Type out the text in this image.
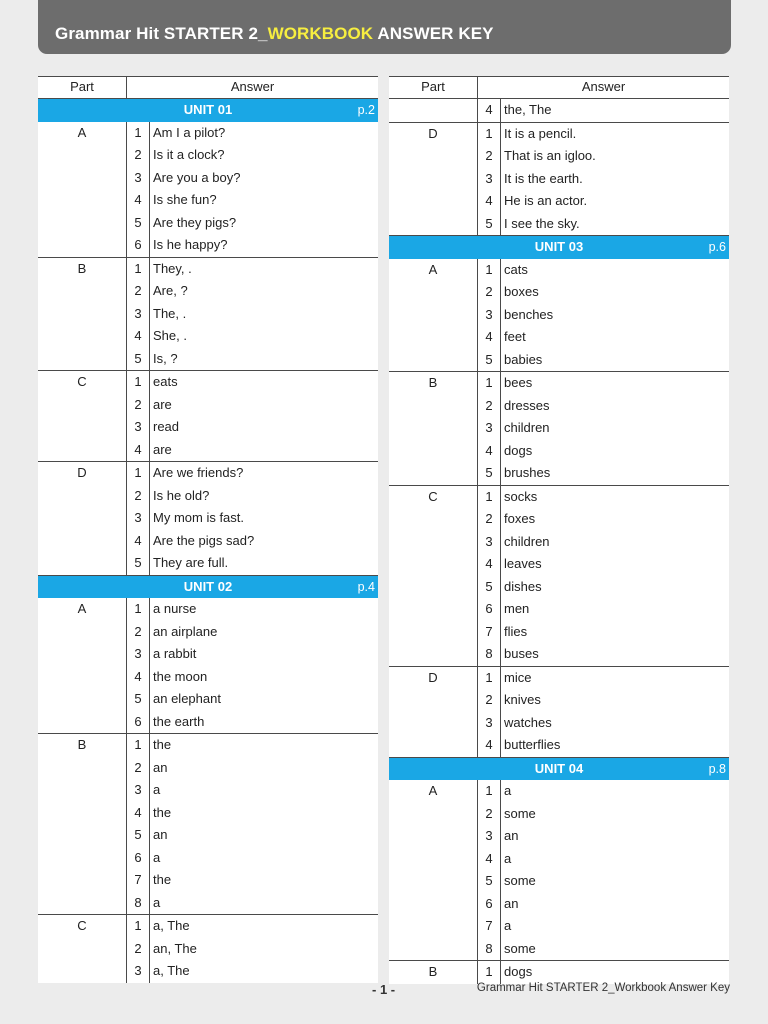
Grammar Hit STARTER 2_WORKBOOK ANSWER KEY
Part	Answer
UNIT 01	p.2
A	1 Am I a pilot?
2 Is it a clock?
3 Are you a boy?
4 Is she fun?
5 Are they pigs?
6 Is he happy?
B	1 They, .
2 Are, ?
3 The, .
4 She, .
5 Is, ?
C	1 eats
2 are
3 read
4 are
D	1 Are we friends?
2 Is he old?
3 My mom is fast.
4 Are the pigs sad?
5 They are full.
UNIT 02	p.4
A	1 a nurse
2 an airplane
3 a rabbit
4 the moon
5 an elephant
6 the earth
B	1 the
2 an
3 a
4 the
5 an
6 a
7 the
8 a
C	1 a, The
2 an, The
3 a, The
Part	Answer
4 the, The
D	1 It is a pencil.
2 That is an igloo.
3 It is the earth.
4 He is an actor.
5 I see the sky.
UNIT 03	p.6
A	1 cats
2 boxes
3 benches
4 feet
5 babies
B	1 bees
2 dresses
3 children
4 dogs
5 brushes
C	1 socks
2 foxes
3 children
4 leaves
5 dishes
6 men
7 flies
8 buses
D	1 mice
2 knives
3 watches
4 butterflies
UNIT 04	p.8
A	1 a
2 some
3 an
4 a
5 some
6 an
7 a
8 some
B	1 dogs
- 1 -	Grammar Hit STARTER 2_Workbook Answer Key
